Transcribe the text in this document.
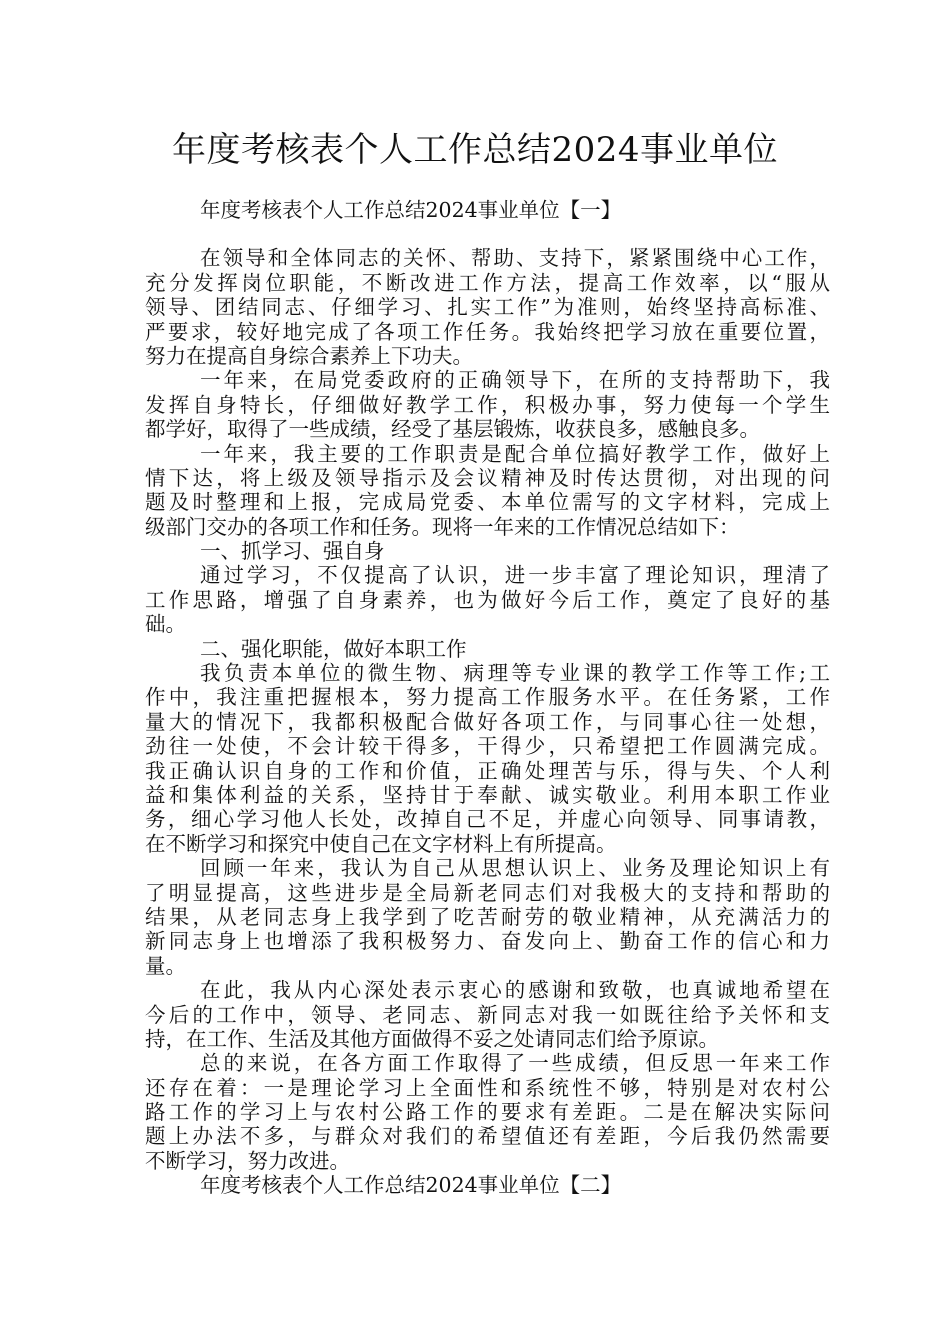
年度考核表个人工作总结2024事业单位
年度考核表个人工作总结2024事业单位【一】
在领导和全体同志的关怀、帮助、支持下，紧紧围绕中心工作，
充分发挥岗位职能，不断改进工作方法，提高工作效率，以“服从
领导、团结同志、仔细学习、扎实工作”为准则，始终坚持高标准、
严要求，较好地完成了各项工作任务。我始终把学习放在重要位置，
努力在提高自身综合素养上下功夫。
一年来，在局党委政府的正确领导下，在所的支持帮助下，我
发挥自身特长，仔细做好教学工作，积极办事，努力使每一个学生
都学好，取得了一些成绩，经受了基层锻炼，收获良多，感触良多。
一年来，我主要的工作职责是配合单位搞好教学工作，做好上
情下达，将上级及领导指示及会议精神及时传达贯彻，对出现的问
题及时整理和上报，完成局党委、本单位需写的文字材料，完成上
级部门交办的各项工作和任务。现将一年来的工作情况总结如下：
一、抓学习、强自身
通过学习，不仅提高了认识，进一步丰富了理论知识，理清了
工作思路，增强了自身素养，也为做好今后工作，奠定了良好的基
础。
二、强化职能，做好本职工作
我负责本单位的微生物、病理等专业课的教学工作等工作;工
作中，我注重把握根本，努力提高工作服务水平。在任务紧，工作
量大的情况下，我都积极配合做好各项工作，与同事心往一处想，
劲往一处使，不会计较干得多，干得少，只希望把工作圆满完成。
我正确认识自身的工作和价值，正确处理苦与乐，得与失、个人利
益和集体利益的关系，坚持甘于奉献、诚实敬业。利用本职工作业
务，细心学习他人长处，改掉自己不足，并虚心向领导、同事请教，
在不断学习和探究中使自己在文字材料上有所提高。
回顾一年来，我认为自己从思想认识上、业务及理论知识上有
了明显提高，这些进步是全局新老同志们对我极大的支持和帮助的
结果，从老同志身上我学到了吃苦耐劳的敬业精神，从充满活力的
新同志身上也增添了我积极努力、奋发向上、勤奋工作的信心和力
量。
在此，我从内心深处表示衷心的感谢和致敬，也真诚地希望在
今后的工作中，领导、老同志、新同志对我一如既往给予关怀和支
持，在工作、生活及其他方面做得不妥之处请同志们给予原谅。
总的来说，在各方面工作取得了一些成绩，但反思一年来工作
还存在着：一是理论学习上全面性和系统性不够，特别是对农村公
路工作的学习上与农村公路工作的要求有差距。二是在解决实际问
题上办法不多，与群众对我们的希望值还有差距，今后我仍然需要
不断学习，努力改进。
年度考核表个人工作总结2024事业单位【二】
